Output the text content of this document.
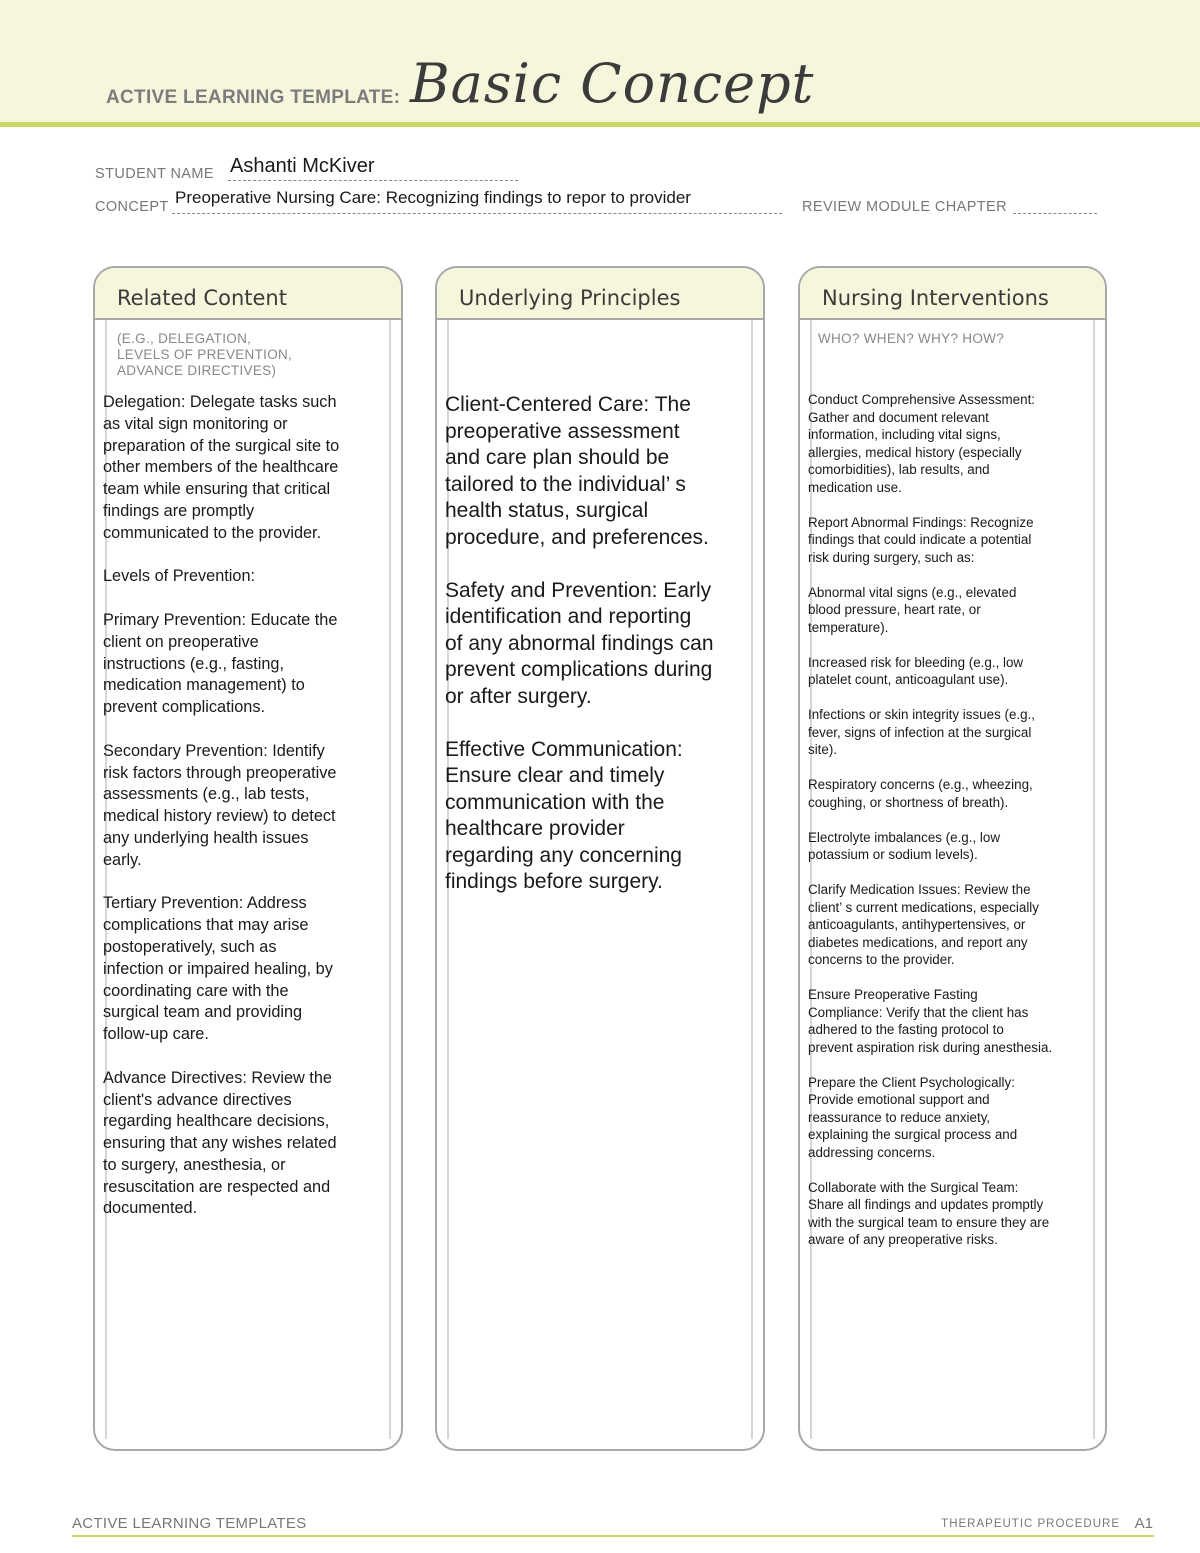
ACTIVE LEARNING TEMPLATE: Basic Concept
STUDENT NAME Ashanti McKiver
CONCEPT Preoperative Nursing Care: Recognizing findings to repor to provider	REVIEW MODULE CHAPTER
Related Content
(E.G., DELEGATION,
LEVELS OF PREVENTION,
ADVANCE DIRECTIVES)
Delegation: Delegate tasks such
as vital sign monitoring or
preparation of the surgical site to
other members of the healthcare
team while ensuring that critical
findings are promptly
communicated to the provider.

Levels of Prevention:

Primary Prevention: Educate the
client on preoperative
instructions (e.g., fasting,
medication management) to
prevent complications.

Secondary Prevention: Identify
risk factors through preoperative
assessments (e.g., lab tests,
medical history review) to detect
any underlying health issues
early.

Tertiary Prevention: Address
complications that may arise
postoperatively, such as
infection or impaired healing, by
coordinating care with the
surgical team and providing
follow-up care.

Advance Directives: Review the
client's advance directives
regarding healthcare decisions,
ensuring that any wishes related
to surgery, anesthesia, or
resuscitation are respected and
documented.
Underlying Principles
Client-Centered Care: The
preoperative assessment
and care plan should be
tailored to the individual’ s
health status, surgical
procedure, and preferences.

Safety and Prevention: Early
identification and reporting
of any abnormal findings can
prevent complications during
or after surgery.

Effective Communication:
Ensure clear and timely
communication with the
healthcare provider
regarding any concerning
findings before surgery.
Nursing Interventions
WHO? WHEN? WHY? HOW?
Conduct Comprehensive Assessment:
Gather and document relevant
information, including vital signs,
allergies, medical history (especially
comorbidities), lab results, and
medication use.

Report Abnormal Findings: Recognize
findings that could indicate a potential
risk during surgery, such as:

Abnormal vital signs (e.g., elevated
blood pressure, heart rate, or
temperature).

Increased risk for bleeding (e.g., low
platelet count, anticoagulant use).

Infections or skin integrity issues (e.g.,
fever, signs of infection at the surgical
site).

Respiratory concerns (e.g., wheezing,
coughing, or shortness of breath).

Electrolyte imbalances (e.g., low
potassium or sodium levels).

Clarify Medication Issues: Review the
client’ s current medications, especially
anticoagulants, antihypertensives, or
diabetes medications, and report any
concerns to the provider.

Ensure Preoperative Fasting
Compliance: Verify that the client has
adhered to the fasting protocol to
prevent aspiration risk during anesthesia.

Prepare the Client Psychologically:
Provide emotional support and
reassurance to reduce anxiety,
explaining the surgical process and
addressing concerns.

Collaborate with the Surgical Team:
Share all findings and updates promptly
with the surgical team to ensure they are
aware of any preoperative risks.
ACTIVE LEARNING TEMPLATES	THERAPEUTIC PROCEDURE A1
